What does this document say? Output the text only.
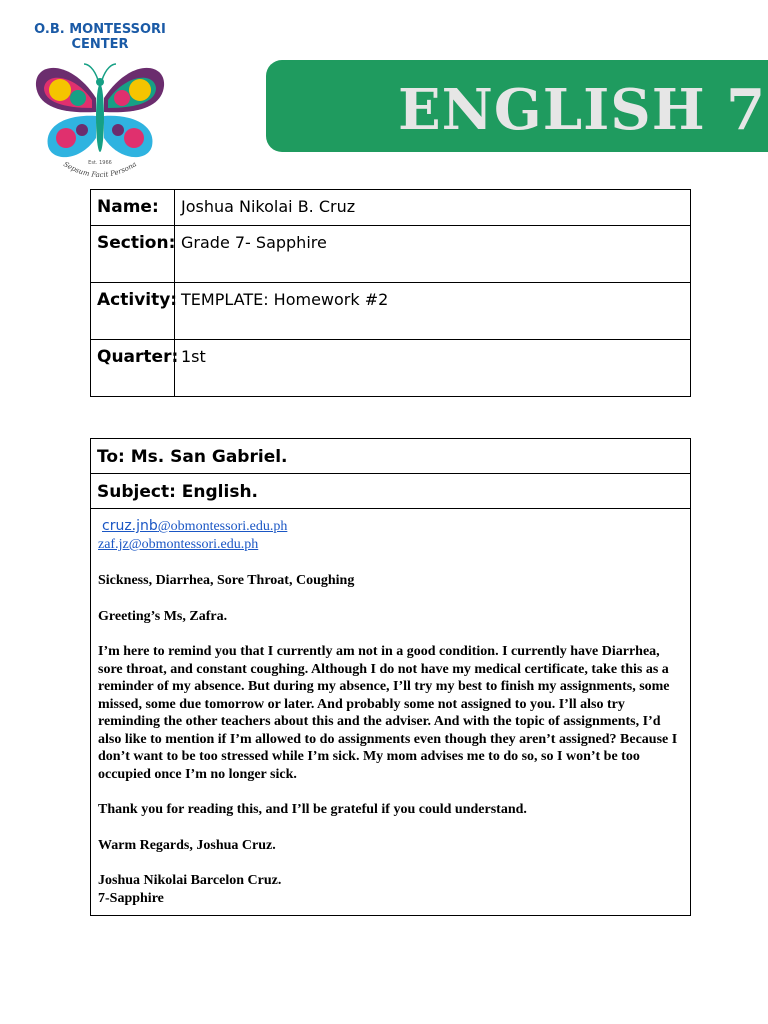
O.B. MONTESSORI
CENTER
Est. 1966
Sepsum Facit Persona
ENGLISH 7
Name:	Joshua Nikolai B. Cruz
Section:	Grade 7- Sapphire
Activity:	TEMPLATE: Homework #2
Quarter:	1st
To: Ms. San Gabriel.
Subject: English.
cruz.jnb@obmontessori.edu.ph
zaf.jz@obmontessori.edu.ph

Sickness, Diarrhea, Sore Throat, Coughing

Greeting’s Ms, Zafra.

I’m here to remind you that I currently am not in a good condition. I currently have Diarrhea, sore throat, and constant coughing. Although I do not have my medical certificate, take this as a reminder of my absence. But during my absence, I’ll try my best to finish my assignments, some missed, some due tomorrow or later. And probably some not assigned to you. I’ll also try reminding the other teachers about this and the adviser. And with the topic of assignments, I’d also like to mention if I’m allowed to do assignments even though they aren’t assigned? Because I don’t want to be too stressed while I’m sick. My mom advises me to do so, so I won’t be too occupied once I’m no longer sick.

Thank you for reading this, and I’ll be grateful if you could understand.

Warm Regards, Joshua Cruz.

Joshua Nikolai Barcelon Cruz.

7-Sapphire
